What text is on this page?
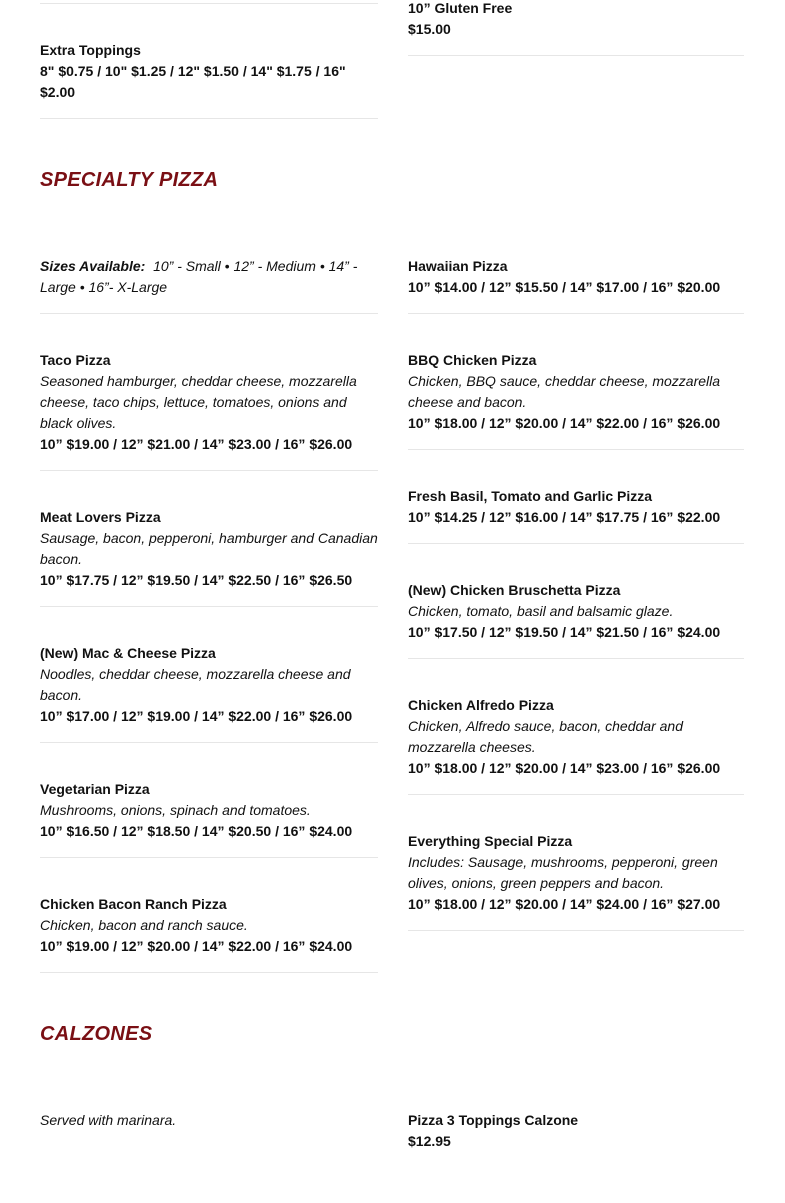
Extra Toppings
8" $0.75 / 10" $1.25 / 12" $1.50 / 14" $1.75 / 16" $2.00
10” Gluten Free
$15.00
SPECIALTY PIZZA
Sizes Available: 10” - Small • 12” - Medium • 14” - Large • 16”- X-Large
Taco Pizza
Seasoned hamburger, cheddar cheese, mozzarella cheese, taco chips, lettuce, tomatoes, onions and black olives.
10” $19.00 / 12” $21.00 / 14” $23.00 / 16” $26.00
Meat Lovers Pizza
Sausage, bacon, pepperoni, hamburger and Canadian bacon.
10” $17.75 / 12” $19.50 / 14” $22.50 / 16” $26.50
(New) Mac & Cheese Pizza
Noodles, cheddar cheese, mozzarella cheese and bacon.
10” $17.00 / 12” $19.00 / 14” $22.00 / 16” $26.00
Vegetarian Pizza
Mushrooms, onions, spinach and tomatoes.
10” $16.50 / 12” $18.50 / 14” $20.50 / 16” $24.00
Chicken Bacon Ranch Pizza
Chicken, bacon and ranch sauce.
10” $19.00 / 12” $20.00 / 14” $22.00 / 16” $24.00
Hawaiian Pizza
10” $14.00 / 12” $15.50 / 14” $17.00 / 16” $20.00
BBQ Chicken Pizza
Chicken, BBQ sauce, cheddar cheese, mozzarella cheese and bacon.
10” $18.00 / 12” $20.00 / 14” $22.00 / 16” $26.00
Fresh Basil, Tomato and Garlic Pizza
10” $14.25 / 12” $16.00 / 14” $17.75 / 16” $22.00
(New) Chicken Bruschetta Pizza
Chicken, tomato, basil and balsamic glaze.
10” $17.50 / 12” $19.50 / 14” $21.50 / 16” $24.00
Chicken Alfredo Pizza
Chicken, Alfredo sauce, bacon, cheddar and mozzarella cheeses.
10” $18.00 / 12” $20.00 / 14” $23.00 / 16” $26.00
Everything Special Pizza
Includes: Sausage, mushrooms, pepperoni, green olives, onions, green peppers and bacon.
10” $18.00 / 12” $20.00 / 14” $24.00 / 16” $27.00
CALZONES
Served with marinara.	Pizza 3 Toppings Calzone
$12.95
